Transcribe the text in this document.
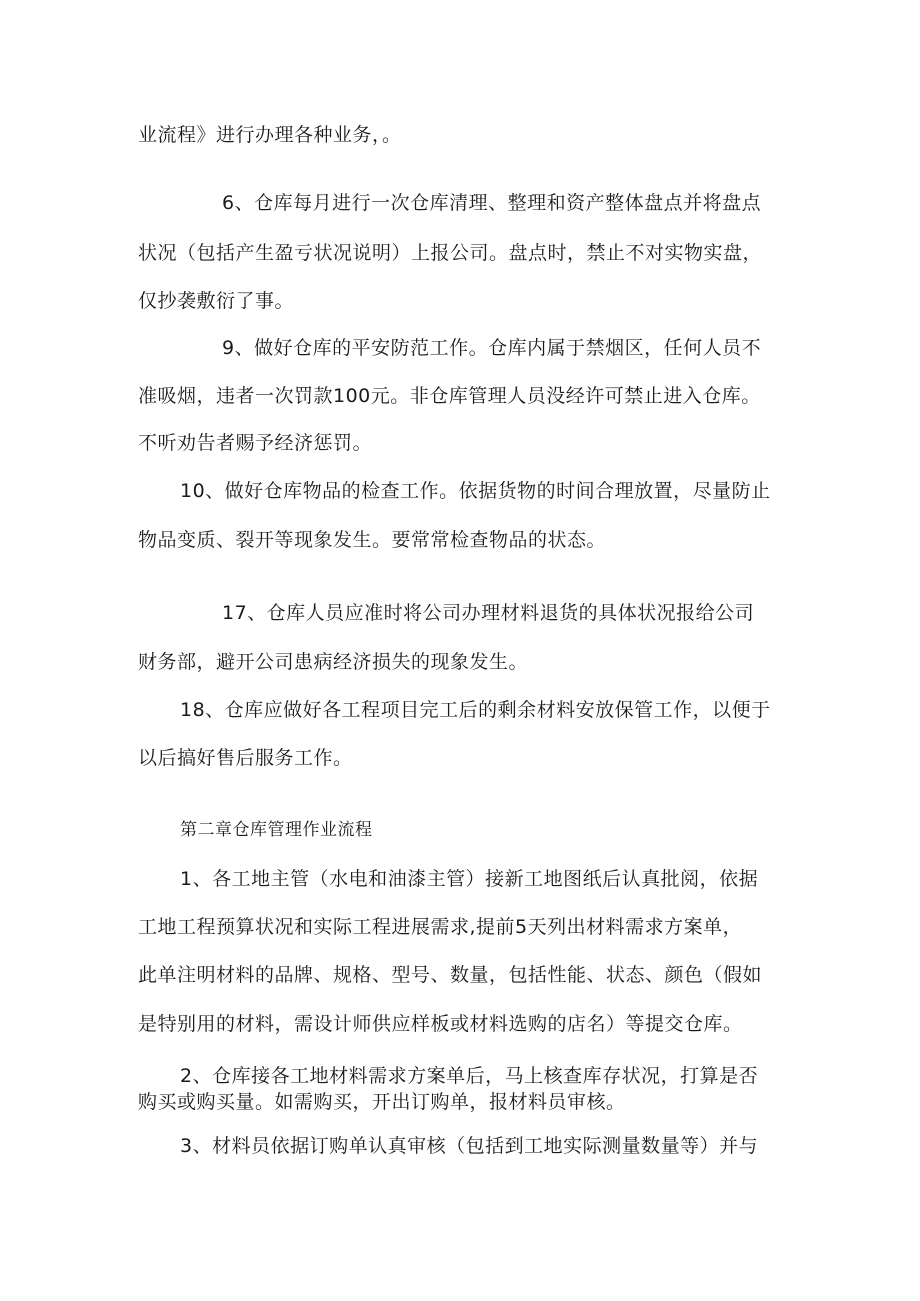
业流程》进行办理各种业务，。
6、仓库每月进行一次仓库清理、整理和资产整体盘点并将盘点
状况（包括产生盈亏状况说明）上报公司。盘点时，禁止不对实物实盘，
仅抄袭敷衍了事。
9、做好仓库的平安防范工作。仓库内属于禁烟区，任何人员不
准吸烟，违者一次罚款100元。非仓库管理人员没经许可禁止进入仓库。
不听劝告者赐予经济惩罚。
10、做好仓库物品的检查工作。依据货物的时间合理放置，尽量防止
物品变质、裂开等现象发生。要常常检查物品的状态。
17、仓库人员应准时将公司办理材料退货的具体状况报给公司
财务部，避开公司患病经济损失的现象发生。
18、仓库应做好各工程项目完工后的剩余材料安放保管工作，以便于
以后搞好售后服务工作。
第二章仓库管理作业流程
1、各工地主管（水电和油漆主管）接新工地图纸后认真批阅，依据
工地工程预算状况和实际工程进展需求,提前5天列出材料需求方案单，
此单注明材料的品牌、规格、型号、数量，包括性能、状态、颜色（假如
是特别用的材料，需设计师供应样板或材料选购的店名）等提交仓库。
2、仓库接各工地材料需求方案单后，马上核查库存状况，打算是否
购买或购买量。如需购买，开出订购单，报材料员审核。
3、材料员依据订购单认真审核（包括到工地实际测量数量等）并与
